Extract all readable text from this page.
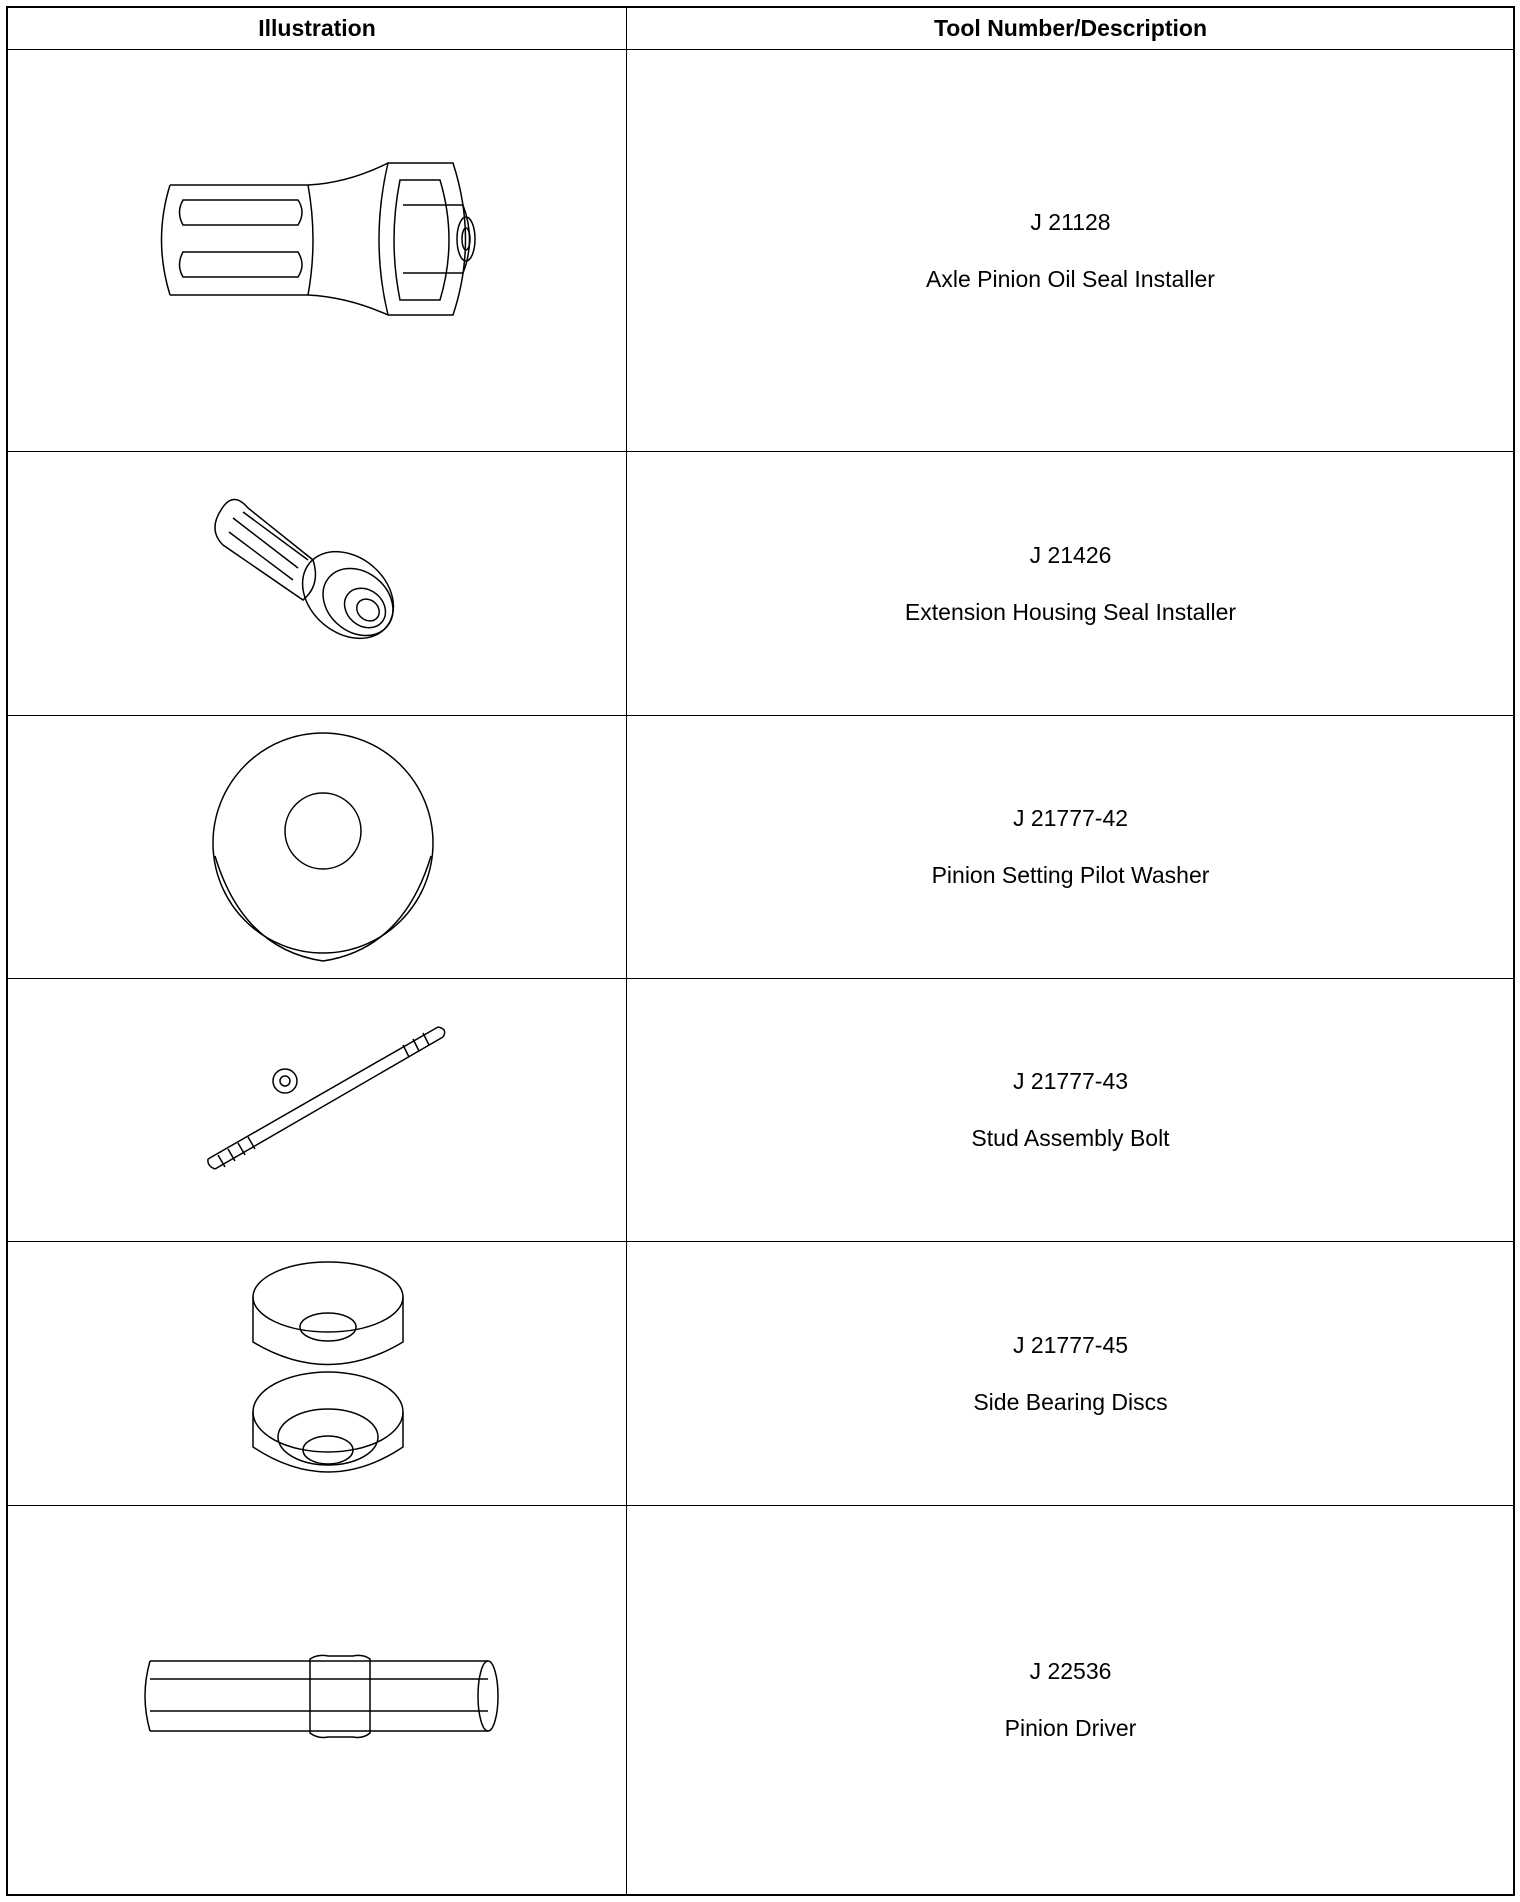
Illustration	Tool Number/Description
J 21128
Axle Pinion Oil Seal Installer
J 21426
Extension Housing Seal Installer
J 21777-42
Pinion Setting Pilot Washer
J 21777-43
Stud Assembly Bolt
J 21777-45
Side Bearing Discs
J 22536
Pinion Driver
